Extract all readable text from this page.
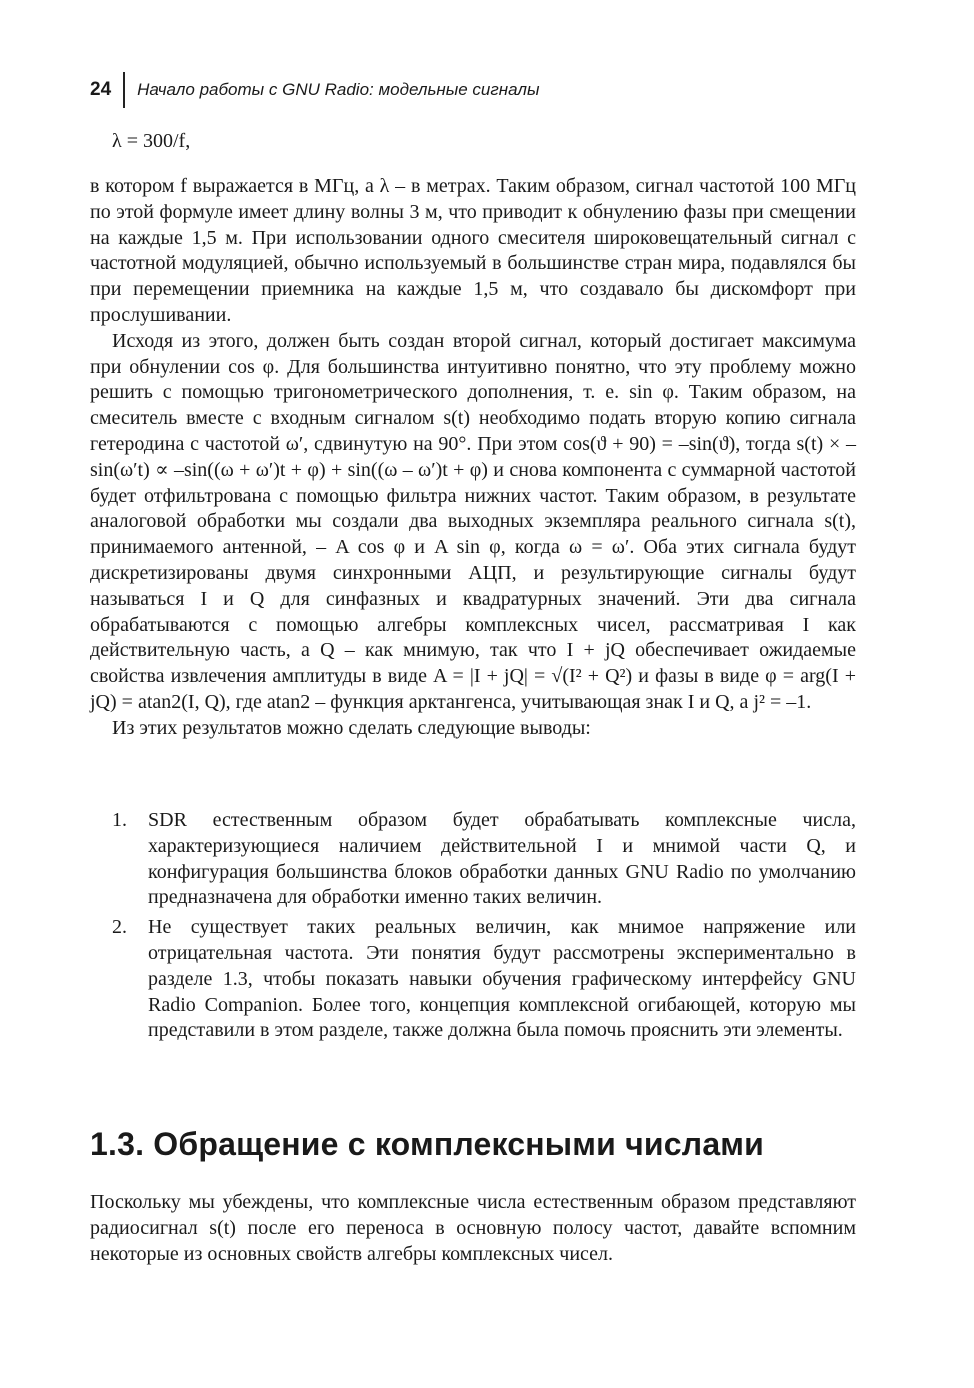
24 Начало работы с GNU Radio: модельные сигналы
λ = 300/f,

в котором f выражается в МГц, а λ – в метрах. Таким образом, сигнал частотой 100 МГц по этой формуле имеет длину волны 3 м, что приводит к обнулению фазы при смещении на каждые 1,5 м. При использовании одного смесителя широковещательный сигнал с частотной модуляцией, обычно используемый в большинстве стран мира, подавлялся бы при перемещении приемника на каждые 1,5 м, что создавало бы дискомфорт при прослушивании.

Исходя из этого, должен быть создан второй сигнал, который достигает максимума при обнулении cos φ. Для большинства интуитивно понятно, что эту проблему можно решить с помощью тригонометрического дополнения, т. е. sin φ. Таким образом, на смеситель вместе с входным сигналом s(t) необходимо подать вторую копию сигнала гетеродина с частотой ω′, сдвинутую на 90°. При этом cos(ϑ + 90) = –sin(ϑ), тогда s(t) × –sin(ω′t) ∝ –sin((ω + ω′)t + φ) + sin((ω – ω′)t + φ) и снова компонента с суммарной частотой будет отфильтрована с помощью фильтра нижних частот. Таким образом, в результате аналоговой обработки мы создали два выходных экземпляра реального сигнала s(t), принимаемого антенной, – A cos φ и A sin φ, когда ω = ω′. Оба этих сигнала будут дискретизированы двумя синхронными АЦП, и результирующие сигналы будут называться I и Q для синфазных и квадратурных значений. Эти два сигнала обрабатываются с помощью алгебры комплексных чисел, рассматривая I как действительную часть, а Q – как мнимую, так что I + jQ обеспечивает ожидаемые свойства извлечения амплитуды в виде A = |I + jQ| = √(I² + Q²) и фазы в виде φ = arg(I + jQ) = atan2(I, Q), где atan2 – функция арктангенса, учитывающая знак I и Q, а j² = –1.

Из этих результатов можно сделать следующие выводы:

1.	SDR естественным образом будет обрабатывать комплексные числа, характеризующиеся наличием действительной I и мнимой части Q, и конфигурация большинства блоков обработки данных GNU Radio по умолчанию предназначена для обработки именно таких величин.
2.	Не существует таких реальных величин, как мнимое напряжение или отрицательная частота. Эти понятия будут рассмотрены экспериментально в разделе 1.3, чтобы показать навыки обучения графическому интерфейсу GNU Radio Companion. Более того, концепция комплексной огибающей, которую мы представили в этом разделе, также должна была помочь прояснить эти элементы.
1.3. Обращение с комплексными числами

Поскольку мы убеждены, что комплексные числа естественным образом представляют радиосигнал s(t) после его переноса в основную полосу частот, давайте вспомним некоторые из основных свойств алгебры комплексных чисел.
